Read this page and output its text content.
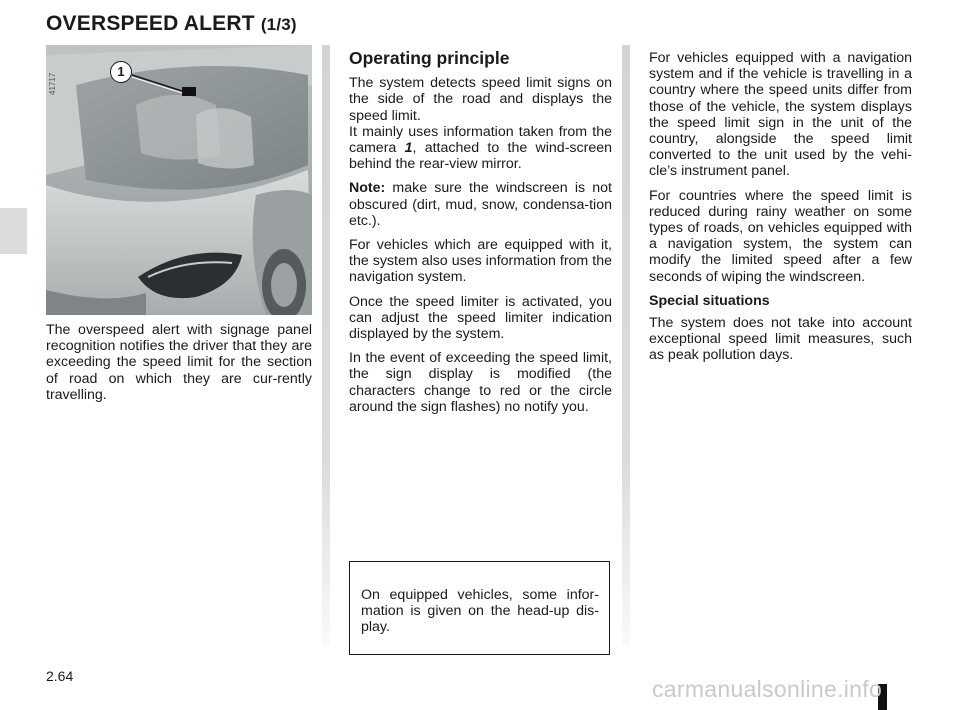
OVERSPEED ALERT (1/3)
41717
1

The overspeed alert with signage panel recognition notifies the driver that they are exceeding the speed limit for the section of road on which they are cur-rently travelling.

Operating principle

The system detects speed limit signs on the side of the road and displays the speed limit.

It mainly uses information taken from the camera 1, attached to the wind-screen behind the rear-view mirror.

Note: make sure the windscreen is not obscured (dirt, mud, snow, condensa-tion etc.).

For vehicles which are equipped with it, the system also uses information from the navigation system.

Once the speed limiter is activated, you can adjust the speed limiter indication displayed by the system.

In the event of exceeding the speed limit, the sign display is modified (the characters change to red or the circle around the sign flashes) no notify you.

On equipped vehicles, some infor-mation is given on the head-up dis-play.

For vehicles equipped with a navigation system and if the vehicle is travelling in a country where the speed units differ from those of the vehicle, the system displays the speed limit sign in the unit of the country, alongside the speed limit converted to the unit used by the vehi-cle’s instrument panel.

For countries where the speed limit is reduced during rainy weather on some types of roads, on vehicles equipped with a navigation system, the system can modify the limited speed after a few seconds of wiping the windscreen.

Special situations

The system does not take into account exceptional speed limit measures, such as peak pollution days.

2.64	carmanualsonline.info
